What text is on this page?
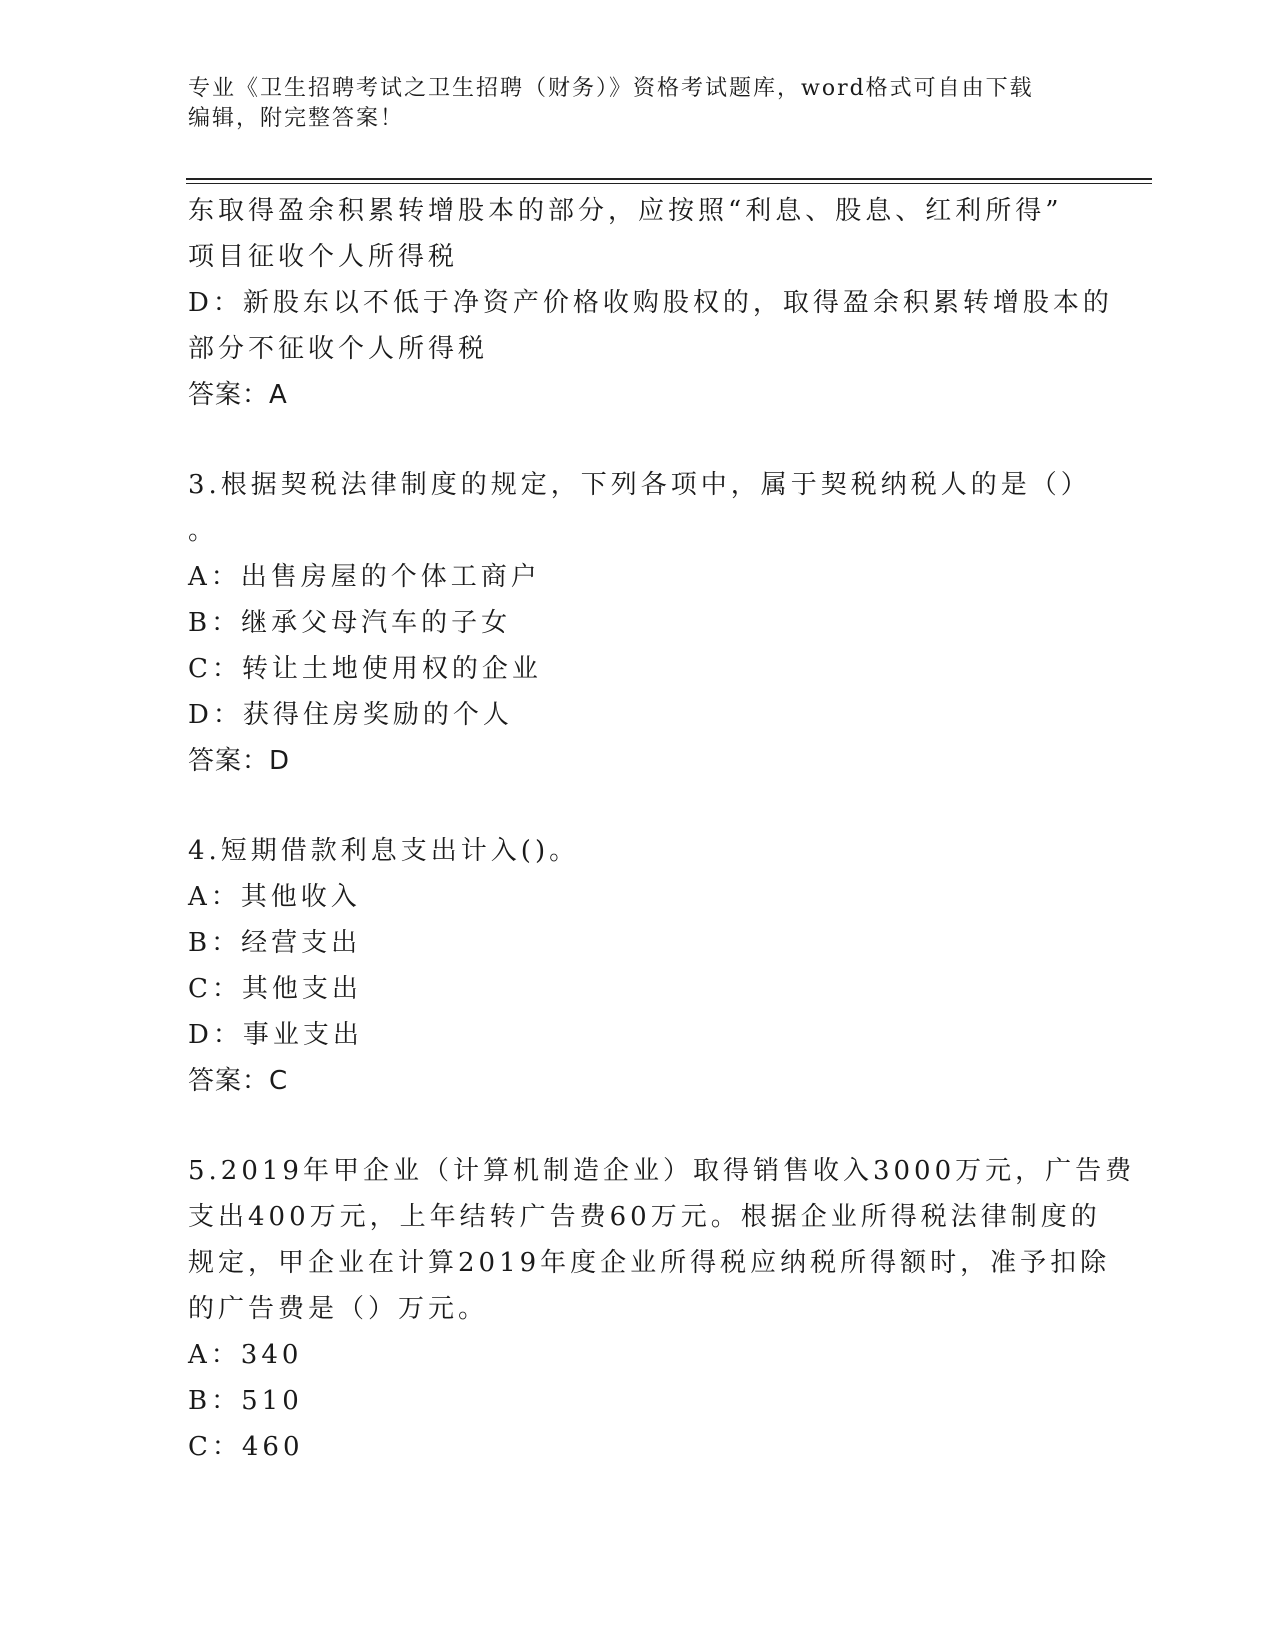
专业《卫生招聘考试之卫生招聘（财务）》资格考试题库，word格式可自由下载
编辑，附完整答案！
东取得盈余积累转增股本的部分，应按照“利息、股息、红利所得”
项目征收个人所得税
D：新股东以不低于净资产价格收购股权的，取得盈余积累转增股本的
部分不征收个人所得税
答案：A
3.根据契税法律制度的规定，下列各项中，属于契税纳税人的是（）
。
A：出售房屋的个体工商户
B：继承父母汽车的子女
C：转让土地使用权的企业
D：获得住房奖励的个人
答案：D
4.短期借款利息支出计入()。
A：其他收入
B：经营支出
C：其他支出
D：事业支出
答案：C
5.2019年甲企业（计算机制造企业）取得销售收入3000万元，广告费
支出400万元，上年结转广告费60万元。根据企业所得税法律制度的
规定，甲企业在计算2019年度企业所得税应纳税所得额时，准予扣除
的广告费是（）万元。
A：340
B：510
C：460
